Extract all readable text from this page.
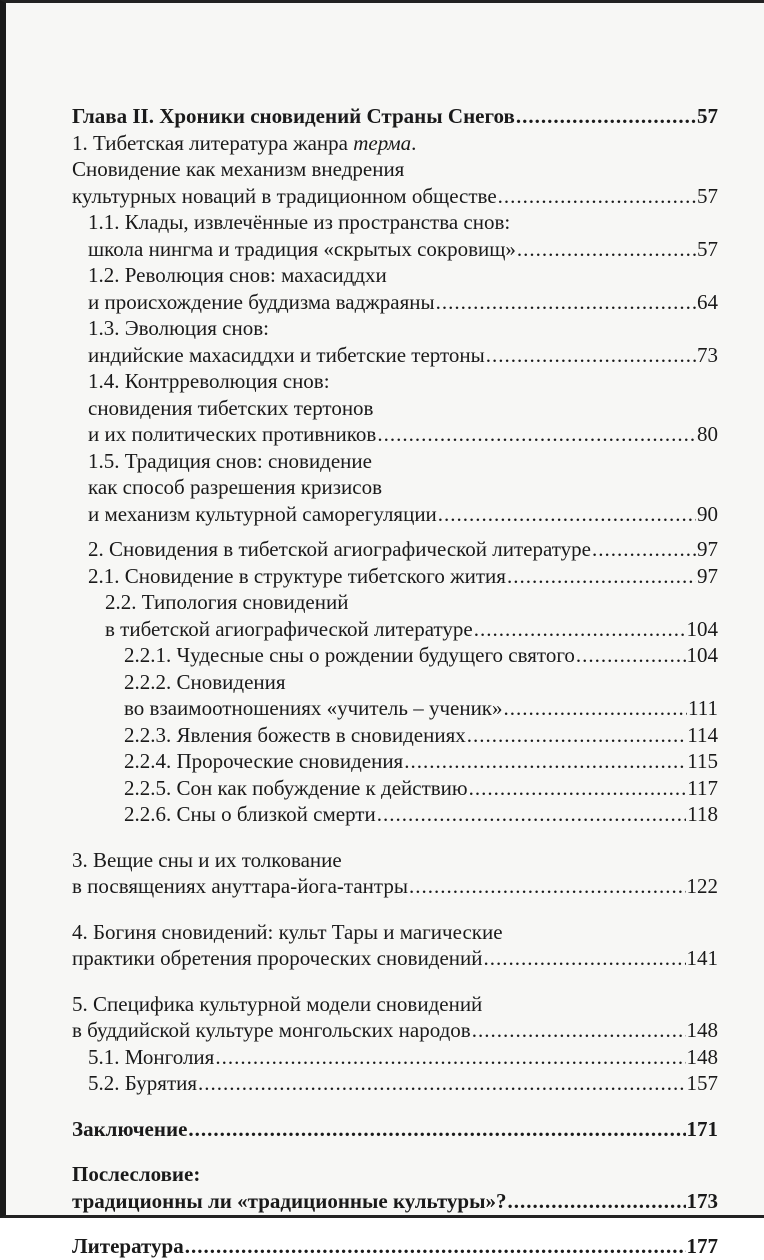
Глава II. Хроники сновидений Страны Снегов .....	57
1. Тибетская литература жанра терма.
Сновидение как механизм внедрения
культурных новаций в традиционном обществе .....	57
1.1. Клады, извлечённые из пространства снов:
школа нингма и традиция «скрытых сокровищ» .....	57
1.2. Революция снов: махасиддхи
и происхождение буддизма ваджраяны .....	64
1.3. Эволюция снов:
индийские махасиддхи и тибетские тертоны .....	73
1.4. Контрреволюция снов:
сновидения тибетских тертонов
и их политических противников .....	80
1.5. Традиция снов: сновидение
как способ разрешения кризисов
и механизм культурной саморегуляции .....	90
2. Сновидения в тибетской агиографической литературе .....	97
2.1. Сновидение в структуре тибетского жития .....	97
2.2. Типология сновидений
в тибетской агиографической литературе .....	104
2.2.1. Чудесные сны о рождении будущего святого .....	104
2.2.2. Сновидения
во взаимоотношениях «учитель – ученик» .....	111
2.2.3. Явления божеств в сновидениях .....	114
2.2.4. Пророческие сновидения .....	115
2.2.5. Сон как побуждение к действию .....	117
2.2.6. Сны о близкой смерти .....	118
3. Вещие сны и их толкование
в посвящениях ануттара-йога-тантры .....	122
4. Богиня сновидений: культ Тары и магические
практики обретения пророческих сновидений .....	141
5. Специфика культурной модели сновидений
в буддийской культуре монгольских народов .....	148
5.1. Монголия .....	148
5.2. Бурятия .....	157
Заключение .....	171
Послесловие:
традиционны ли «традиционные культуры»? .....	173
Литература .....	177
